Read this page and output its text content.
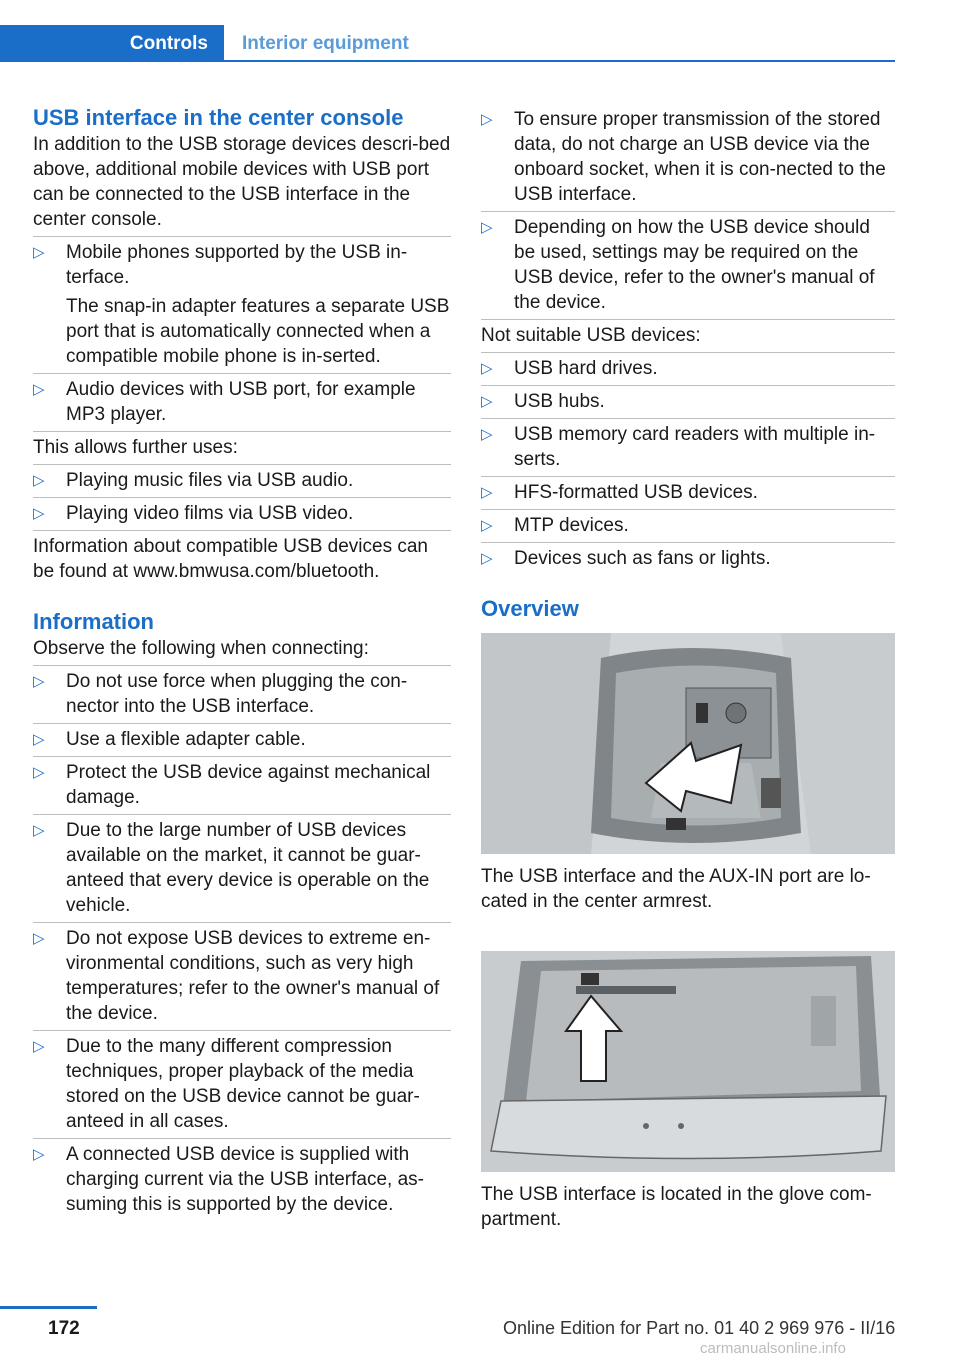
Controls	Interior equipment
USB interface in the center console

In addition to the USB storage devices descri‐bed above, additional mobile devices with USB port can be connected to the USB interface in the center console.

▷ Mobile phones supported by the USB in‐terface.
The snap-in adapter features a separate USB port that is automatically connected when a compatible mobile phone is in‐serted.
▷ Audio devices with USB port, for example MP3 player.

This allows further uses:

▷ Playing music files via USB audio.
▷ Playing video films via USB video.

Information about compatible USB devices can be found at www.bmwusa.com/bluetooth.

Information

Observe the following when connecting:

▷ Do not use force when plugging the con‐nector into the USB interface.
▷ Use a flexible adapter cable.
▷ Protect the USB device against mechanical damage.
▷ Due to the large number of USB devices available on the market, it cannot be guar‐anteed that every device is operable on the vehicle.
▷ Do not expose USB devices to extreme en‐vironmental conditions, such as very high temperatures; refer to the owner's manual of the device.
▷ Due to the many different compression techniques, proper playback of the media stored on the USB device cannot be guar‐anteed in all cases.
▷ A connected USB device is supplied with charging current via the USB interface, as‐suming this is supported by the device.
▷ To ensure proper transmission of the stored data, do not charge an USB device via the onboard socket, when it is con‐nected to the USB interface.
▷ Depending on how the USB device should be used, settings may be required on the USB device, refer to the owner's manual of the device.

Not suitable USB devices:

▷ USB hard drives.
▷ USB hubs.
▷ USB memory card readers with multiple in‐serts.
▷ HFS-formatted USB devices.
▷ MTP devices.
▷ Devices such as fans or lights.
Overview

The USB interface and the AUX-IN port are lo‐cated in the center armrest.

The USB interface is located in the glove com‐partment.

172	Online Edition for Part no. 01 40 2 969 976 - II/16
carmanualsonline.info
